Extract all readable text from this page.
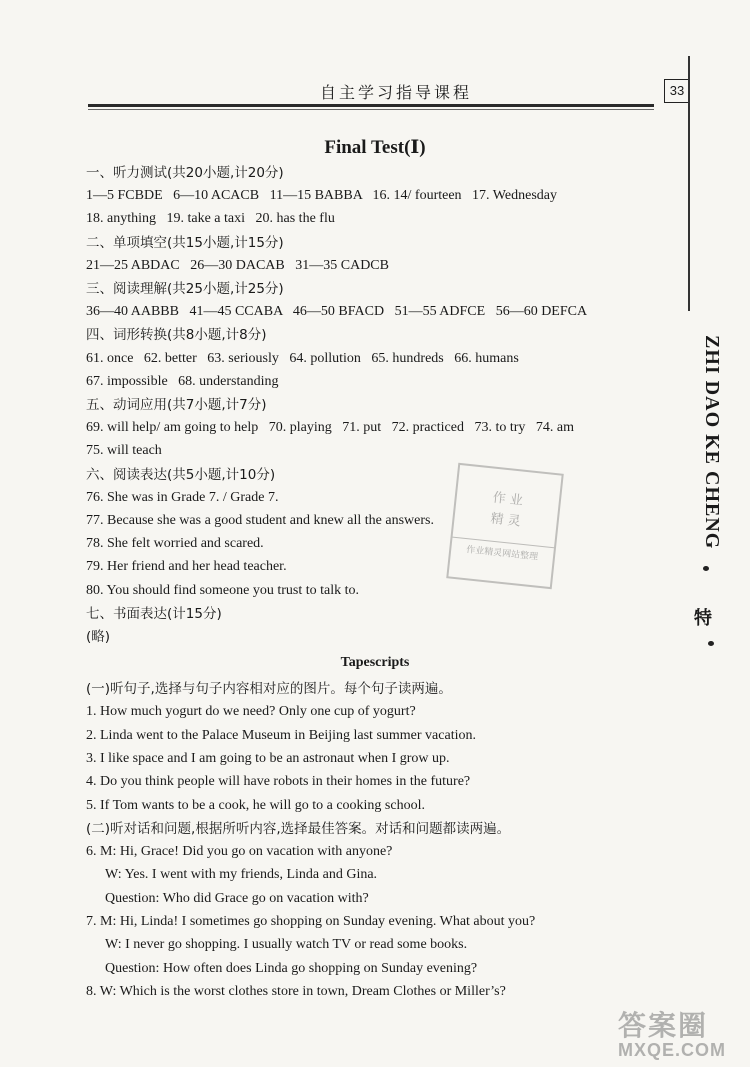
自主学习指导课程	33
ZHI DAO KE CHENG
特
Final Test(Ⅰ)
一、听力测试(共20小题,计20分)
1—5 FCBDE   6—10 ACACB   11—15 BABBA   16. 14/ fourteen   17. Wednesday
18. anything   19. take a taxi   20. has the flu
二、单项填空(共15小题,计15分)
21—25 ABDAC   26—30 DACAB   31—35 CADCB
三、阅读理解(共25小题,计25分)
36—40 AABBB   41—45 CCABA   46—50 BFACD   51—55 ADFCE   56—60 DEFCA
四、词形转换(共8小题,计8分)
61. once   62. better   63. seriously   64. pollution   65. hundreds   66. humans
67. impossible   68. understanding
五、动词应用(共7小题,计7分)
69. will help/ am going to help   70. playing   71. put   72. practiced   73. to try   74. am
75. will teach
六、阅读表达(共5小题,计10分)
76. She was in Grade 7. / Grade 7.
77. Because she was a good student and knew all the answers.
78. She felt worried and scared.
79. Her friend and her head teacher.
80. You should find someone you trust to talk to.
七、书面表达(计15分)
(略)
Tapescripts
(一)听句子,选择与句子内容相对应的图片。每个句子读两遍。
1. How much yogurt do we need? Only one cup of yogurt?
2. Linda went to the Palace Museum in Beijing last summer vacation.
3. I like space and I am going to be an astronaut when I grow up.
4. Do you think people will have robots in their homes in the future?
5. If Tom wants to be a cook, he will go to a cooking school.
(二)听对话和问题,根据所听内容,选择最佳答案。对话和问题都读两遍。
6. M: Hi, Grace! Did you go on vacation with anyone?
W: Yes. I went with my friends, Linda and Gina.
Question: Who did Grace go on vacation with?
7. M: Hi, Linda! I sometimes go shopping on Sunday evening. What about you?
W: I never go shopping. I usually watch TV or read some books.
Question: How often does Linda go shopping on Sunday evening?
8. W: Which is the worst clothes store in town, Dream Clothes or Miller’s?
作 业
精 灵
作业精灵网站整理
答案圈
MXQE.COM
